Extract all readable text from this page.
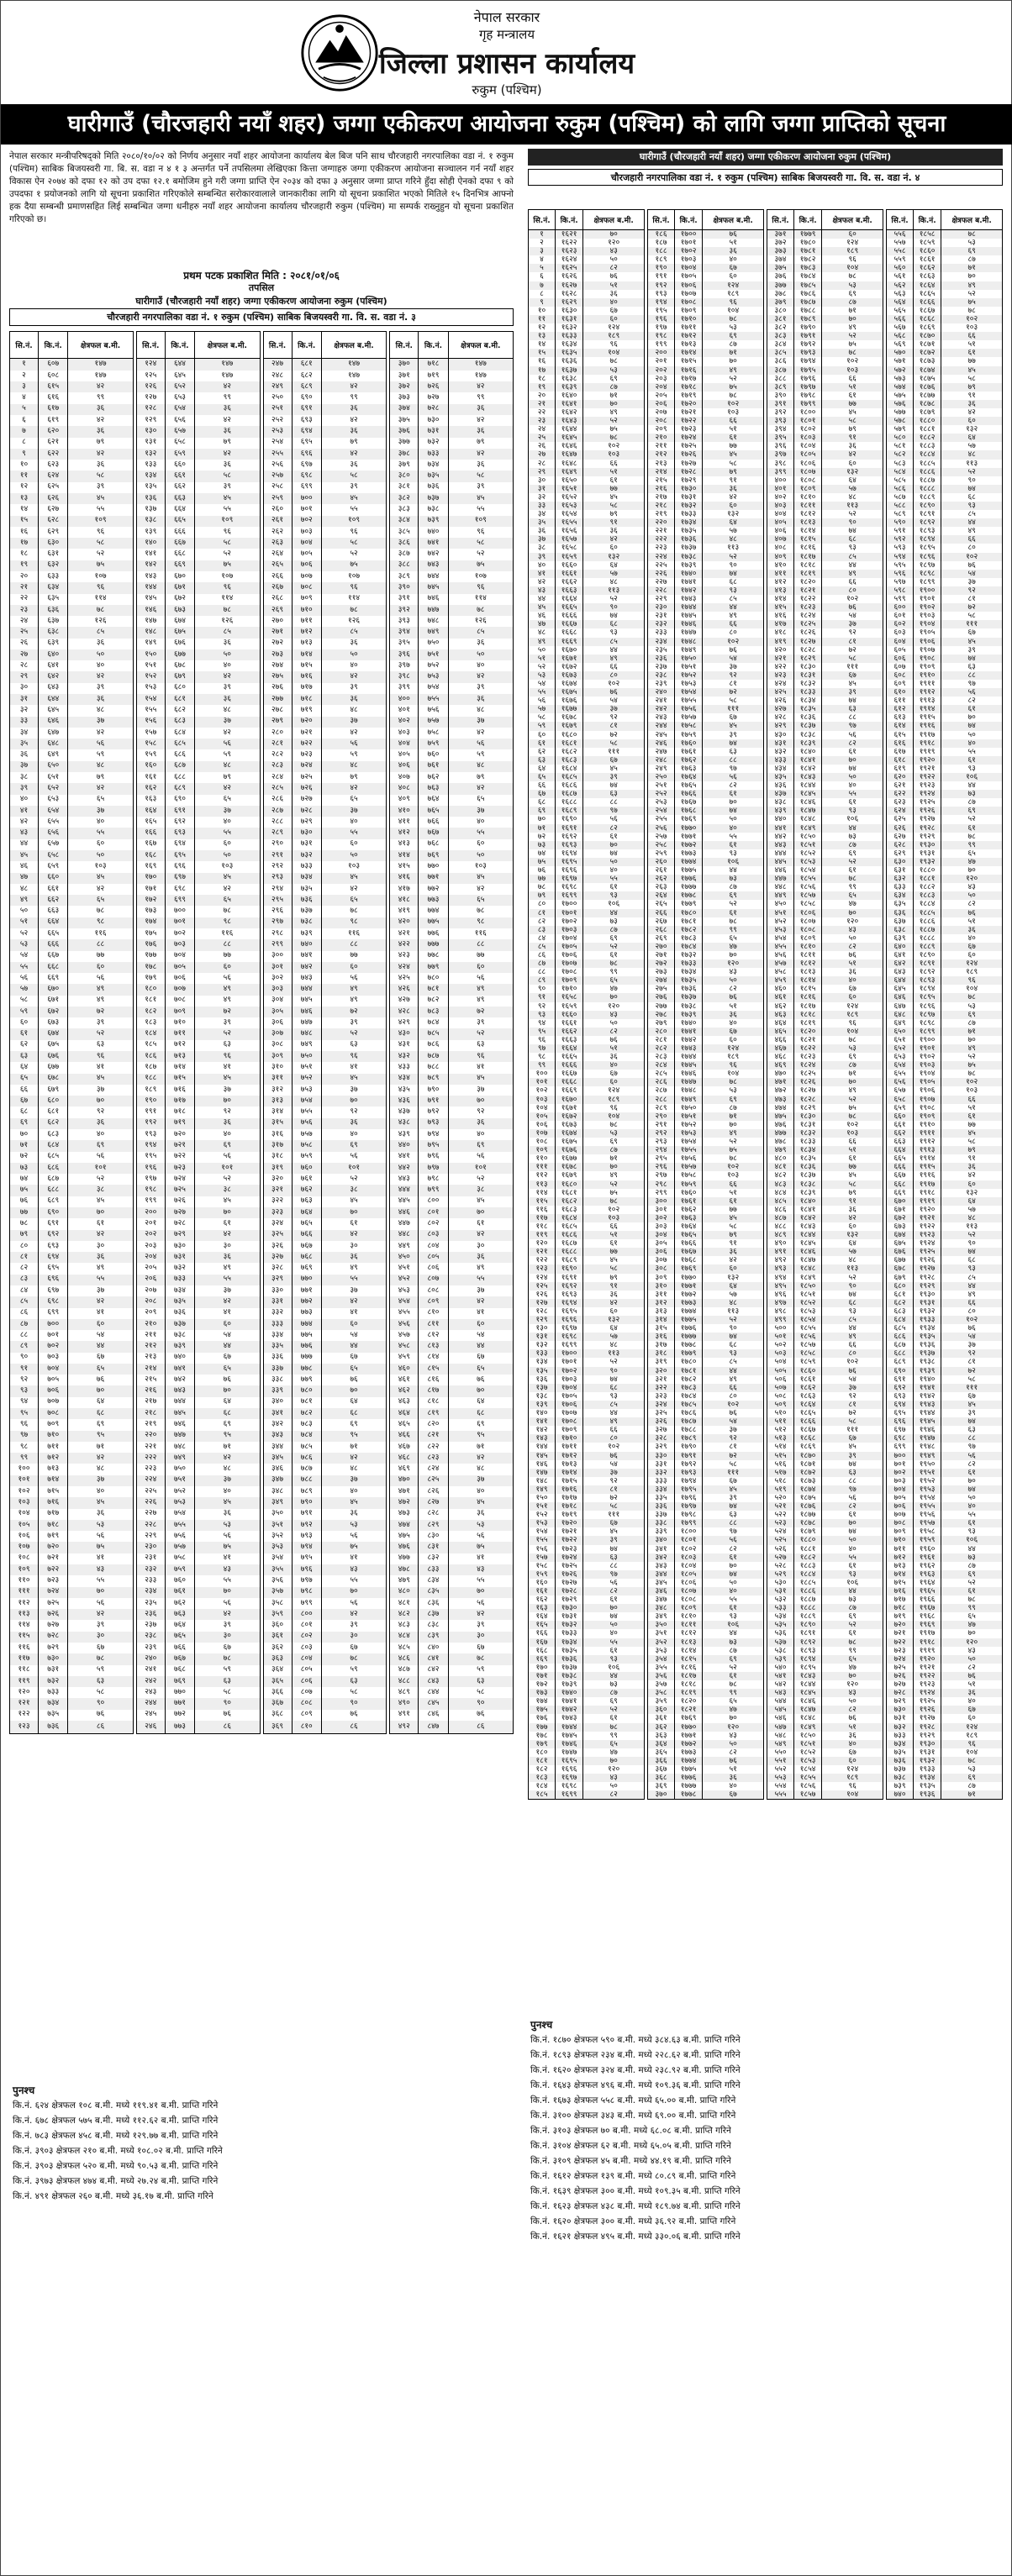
नेपाल सरकार
गृह मन्त्रालय
जिल्ला प्रशासन कार्यालय
रुकुम (पश्चिम)
घारीगाउँ (चौरजहारी नयाँ शहर) जग्गा एकीकरण आयोजना रुकुम (पश्चिम) को लागि जग्गा प्राप्तिको सूचना
नेपाल सरकार मन्त्रीपरिषद्को मिति २०८०/१०/०२ को निर्णय अनुसार नयाँ शहर आयोजना कार्यालय बेल बिज पनि साथ चौरजहारी नगरपालिका वडा नं. १ रुकुम (पश्चिम) साबिक बिजयस्वरी गा. बि. स. वडा न ४ १ ३ अन्तर्गत पर्ने तपसिलमा लेखिएका कित्ता जग्गाहरु जग्गा एकीकरण आयोजना सञ्चालन गर्न नयाँ शहर विकास ऐन २०७४ को दफा १२ को उप दफा १२.१ बमोजिम हुने गरी जग्गा प्राप्ति ऐन २०३४ को दफा ३ अनुसार जग्गा प्राप्त गरिने हुँदा सोही ऐनको दफा ९ को उपदफा १ प्रयोजनको लागि यो सूचना प्रकाशित गरिएकोले सम्बन्धित सरोकारवालाले जानकारीका लागि यो सूचना प्रकाशित भएको मितिले १५ दिनभित्र आफ्नो हक दैया सम्बन्धी प्रमाणसहित लिई सम्बन्धित जग्गा धनीहरु नयाँ शहर आयोजना कार्यालय चौरजहारी रुकुम (पश्चिम) मा सम्पर्क राख्नुहुन यो सूचना प्रकाशित गरिएको छ।
प्रथम पटक प्रकाशित मिति : २०८१/०१/०६
तपसिल
घारीगाउँ (चौरजहारी नयाँ शहर) जग्गा एकीकरण आयोजना रुकुम (पश्चिम)
चौरजहारी नगरपालिका वडा नं. १ रुकुम (पश्चिम) साबिक बिजयस्वरी गा. वि. स. वडा नं. ३
सि.नं.	कि.नं.	क्षेत्रफल ब.मी.
१	६०७	१४७
२	६०८	१४७
३	६१५	४२
४	६१६	९९
५	६१७	३६
६	६१९	४२
७	६२०	३६
८	६२१	७९
९	६२२	४२
१०	६२३	३६
११	६२४	५८
१२	६२५	३९
१३	६२६	४५
१४	६२७	५५
१५	६२८	१०९
१६	६२९	९६
१७	६३०	५८
१८	६३१	५२
१९	६३२	७५
२०	६३३	१०७
२१	६३४	९६
२२	६३५	११४
२३	६३६	७८
२४	६३७	१२६
२५	६३८	८५
२६	६३९	३६
२७	६४०	५०
२८	६४१	४०
२९	६४२	४२
३०	६४३	३९
३१	६४४	३६
३२	६४५	४८
३३	६४६	३७
३४	६४७	४२
३५	६४८	५६
३६	६४९	५९
३७	६५०	४८
३८	६५१	७९
३९	६५२	४२
४०	६५३	६५
४१	६५४	३७
४२	६५५	४०
४३	६५६	५५
४४	६५७	६०
४५	६५८	५०
४६	६५९	१०३
४७	६६०	४५
४८	६६१	४२
४९	६६२	६५
५०	६६३	७८
५१	६६४	९८
५२	६६५	११६
५३	६६६	८८
५४	६६७	७७
५५	६६८	६०
५६	६६९	५६
५७	६७०	४९
५८	६७१	४९
५९	६७२	७२
६०	६७३	३९
६१	६७४	५२
६२	६७५	६३
६३	६७६	९६
६४	६७७	४१
६५	६७८	४५
६६	६७९	३७
६७	६८०	७०
६८	६८१	९२
६९	६८२	३६
७०	६८३	४०
७१	६८४	६९
७२	६८५	५६
७३	६८६	१०१
७४	६८७	५२
७५	६८८	३८
७६	६८९	४५
७७	६९०	७०
७८	६९१	६१
७९	६९२	४२
८०	६९३	३०
८१	६९४	३६
८२	६९५	४९
८३	६९६	५५
८४	६९७	३७
८५	६९८	४२
८६	६९९	४१
८७	७००	६०
८८	७०१	५४
८९	७०२	४४
९०	७०३	६७
९१	७०४	६५
९२	७०५	७६
९३	७०६	७०
९४	७०७	६४
९५	७०८	६८
९६	७०९	६९
९७	७१०	९५
९८	७११	७१
९९	७१२	४२
१००	७१३	४८
१०१	७१४	३७
१०२	७१५	४०
१०३	७१६	४५
१०४	७१७	३६
१०५	७१८	५३
१०६	७१९	५६
१०७	७२०	७५
१०८	७२१	४१
१०९	७२२	४३
११०	७२३	५५
१११	७२४	७०
११२	७२५	५६
११३	७२६	४२
११४	७२७	३९
११५	७२८	३०
११६	७२९	६७
११७	७३०	७८
११८	७३१	५९
११९	७३२	६३
१२०	७३३	५८
१२१	७३४	९०
१२२	७३५	७६
१२३	७३६	८६
सि.नं.	कि.नं.	क्षेत्रफल ब.मी.
१२४	६४४	१४७
१२५	६४५	१४७
१२६	६५२	४२
१२७	६५३	९९
१२८	६५४	३६
१२९	६५६	४२
१३०	६५७	३६
१३१	६५८	७९
१३२	६५९	४२
१३३	६६०	३६
१३४	६६१	५८
१३५	६६२	३९
१३६	६६३	४५
१३७	६६४	५५
१३८	६६५	१०९
१३९	६६६	९६
१४०	६६७	५८
१४१	६६८	५२
१४२	६६९	७५
१४३	६७०	१०७
१४४	६७१	९६
१४५	६७२	११४
१४६	६७३	७८
१४७	६७४	१२६
१४८	६७५	८५
१४९	६७६	३६
१५०	६७७	५०
१५१	६७८	४०
१५२	६७९	४२
१५३	६८०	३९
१५४	६८१	३६
१५५	६८२	४८
१५६	६८३	३७
१५७	६८४	४२
१५८	६८५	५६
१५९	६८६	५९
१६०	६८७	४८
१६१	६८८	७९
१६२	६८९	४२
१६३	६९०	६५
१६४	६९१	३७
१६५	६९२	४०
१६६	६९३	५५
१६७	६९४	६०
१६८	६९५	५०
१६९	६९६	१०३
१७०	६९७	४५
१७१	६९८	४२
१७२	६९९	६५
१७३	७००	७८
१७४	७०१	९८
१७५	७०२	११६
१७६	७०३	८८
१७७	७०४	७७
१७८	७०५	६०
१७९	७०६	५६
१८०	७०७	४९
१८१	७०८	४९
१८२	७०९	७२
१८३	७१०	३९
१८४	७११	५२
१८५	७१२	६३
१८६	७१३	९६
१८७	७१४	४१
१८८	७१५	४५
१८९	७१६	३७
१९०	७१७	७०
१९१	७१८	९२
१९२	७१९	३६
१९३	७२०	४०
१९४	७२१	६९
१९५	७२२	५६
१९६	७२३	१०१
१९७	७२४	५२
१९८	७२५	३८
१९९	७२६	४५
२००	७२७	७०
२०१	७२८	६१
२०२	७२९	४२
२०३	७३०	३०
२०४	७३१	३६
२०५	७३२	४९
२०६	७३३	५५
२०७	७३४	३७
२०८	७३५	४२
२०९	७३६	४१
२१०	७३७	६०
२११	७३८	५४
२१२	७३९	४४
२१३	७४०	६७
२१४	७४१	६५
२१५	७४२	७६
२१६	७४३	७०
२१७	७४४	६४
२१८	७४५	६८
२१९	७४६	६९
२२०	७४७	९५
२२१	७४८	७१
२२२	७४९	४२
२२३	७५०	४८
२२४	७५१	३७
२२५	७५२	४०
२२६	७५३	४५
२२७	७५४	३६
२२८	७५५	५३
२२९	७५६	५६
२३०	७५७	७५
२३१	७५८	४१
२३२	७५९	४३
२३३	७६०	५५
२३४	७६१	७०
२३५	७६२	५६
२३६	७६३	४२
२३७	७६४	३९
२३८	७६५	३०
२३९	७६६	६७
२४०	७६७	७८
२४१	७६८	५९
२४२	७६९	६३
२४३	७७०	५८
२४४	७७१	९०
२४५	७७२	७६
२४६	७७३	८६
सि.नं.	कि.नं.	क्षेत्रफल ब.मी.
२४७	६८१	१४७
२४८	६८२	१४७
२४९	६८९	४२
२५०	६९०	९९
२५१	६९१	३६
२५२	६९३	४२
२५३	६९४	३६
२५४	६९५	७९
२५५	६९६	४२
२५६	६९७	३६
२५७	६९८	५८
२५८	६९९	३९
२५९	७००	४५
२६०	७०१	५५
२६१	७०२	१०९
२६२	७०३	९६
२६३	७०४	५८
२६४	७०५	५२
२६५	७०६	७५
२६६	७०७	१०७
२६७	७०८	९६
२६८	७०९	११४
२६९	७१०	७८
२७०	७११	१२६
२७१	७१२	८५
२७२	७१३	३६
२७३	७१४	५०
२७४	७१५	४०
२७५	७१६	४२
२७६	७१७	३९
२७७	७१८	३६
२७८	७१९	४८
२७९	७२०	३७
२८०	७२१	४२
२८१	७२२	५६
२८२	७२३	५९
२८३	७२४	४८
२८४	७२५	७९
२८५	७२६	४२
२८६	७२७	६५
२८७	७२८	३७
२८८	७२९	४०
२८९	७३०	५५
२९०	७३१	६०
२९१	७३२	५०
२९२	७३३	१०३
२९३	७३४	४५
२९४	७३५	४२
२९५	७३६	६५
२९६	७३७	७८
२९७	७३८	९८
२९८	७३९	११६
२९९	७४०	८८
३००	७४१	७७
३०१	७४२	६०
३०२	७४३	५६
३०३	७४४	४९
३०४	७४५	४९
३०५	७४६	७२
३०६	७४७	३९
३०७	७४८	५२
३०८	७४९	६३
३०९	७५०	९६
३१०	७५१	४१
३११	७५२	४५
३१२	७५३	३७
३१३	७५४	७०
३१४	७५५	९२
३१५	७५६	३६
३१६	७५७	४०
३१७	७५८	६९
३१८	७५९	५६
३१९	७६०	१०१
३२०	७६१	५२
३२१	७६२	३८
३२२	७६३	४५
३२३	७६४	७०
३२४	७६५	६१
३२५	७६६	४२
३२६	७६७	३०
३२७	७६८	३६
३२८	७६९	४९
३२९	७७०	५५
३३०	७७१	३७
३३१	७७२	४२
३३२	७७३	४१
३३३	७७४	६०
३३४	७७५	५४
३३५	७७६	४४
३३६	७७७	६७
३३७	७७८	६५
३३८	७७९	७६
३३९	७८०	७०
३४०	७८१	६४
३४१	७८२	६८
३४२	७८३	६९
३४३	७८४	९५
३४४	७८५	७१
३४५	७८६	४२
३४६	७८७	४८
३४७	७८८	३७
३४८	७८९	४०
३४९	७९०	४५
३५०	७९१	३६
३५१	७९२	५३
३५२	७९३	५६
३५३	७९४	७५
३५४	७९५	४१
३५५	७९६	४३
३५६	७९७	५५
३५७	७९८	७०
३५८	७९९	५६
३५९	८००	४२
३६०	८०१	३९
३६१	८०२	३०
३६२	८०३	६७
३६३	८०४	७८
३६४	८०५	५९
३६५	८०६	६३
३६६	८०७	५८
३६७	८०८	९०
३६८	८०९	७६
३६९	८१०	८६
सि.नं.	कि.नं.	क्षेत्रफल ब.मी.
३७०	७१८	१४७
३७१	७१९	१४७
३७२	७२६	४२
३७३	७२७	९९
३७४	७२८	३६
३७५	७३०	४२
३७६	७३१	३६
३७७	७३२	७९
३७८	७३३	४२
३७९	७३४	३६
३८०	७३५	५८
३८१	७३६	३९
३८२	७३७	४५
३८३	७३८	५५
३८४	७३९	१०९
३८५	७४०	९६
३८६	७४१	५८
३८७	७४२	५२
३८८	७४३	७५
३८९	७४४	१०७
३९०	७४५	९६
३९१	७४६	११४
३९२	७४७	७८
३९३	७४८	१२६
३९४	७४९	८५
३९५	७५०	३६
३९६	७५१	५०
३९७	७५२	४०
३९८	७५३	४२
३९९	७५४	३९
४००	७५५	३६
४०१	७५६	४८
४०२	७५७	३७
४०३	७५८	४२
४०४	७५९	५६
४०५	७६०	५९
४०६	७६१	४८
४०७	७६२	७९
४०८	७६३	४२
४०९	७६४	६५
४१०	७६५	३७
४११	७६६	४०
४१२	७६७	५५
४१३	७६८	६०
४१४	७६९	५०
४१५	७७०	१०३
४१६	७७१	४५
४१७	७७२	४२
४१८	७७३	६५
४१९	७७४	७८
४२०	७७५	९८
४२१	७७६	११६
४२२	७७७	८८
४२३	७७८	७७
४२४	७७९	६०
४२५	७८०	५६
४२६	७८१	४९
४२७	७८२	४९
४२८	७८३	७२
४२९	७८४	३९
४३०	७८५	५२
४३१	७८६	६३
४३२	७८७	९६
४३३	७८८	४१
४३४	७८९	४५
४३५	७९०	३७
४३६	७९१	७०
४३७	७९२	९२
४३८	७९३	३६
४३९	७९४	४०
४४०	७९५	६९
४४१	७९६	५६
४४२	७९७	१०१
४४३	७९८	५२
४४४	७९९	३८
४४५	८००	४५
४४६	८०१	७०
४४७	८०२	६१
४४८	८०३	४२
४४९	८०४	३०
४५०	८०५	३६
४५१	८०६	४९
४५२	८०७	५५
४५३	८०८	३७
४५४	८०९	४२
४५५	८१०	४१
४५६	८११	६०
४५७	८१२	५४
४५८	८१३	४४
४५९	८१४	६७
४६०	८१५	६५
४६१	८१६	७६
४६२	८१७	७०
४६३	८१८	६४
४६४	८१९	६८
४६५	८२०	६९
४६६	८२१	९५
४६७	८२२	७१
४६८	८२३	४२
४६९	८२४	४८
४७०	८२५	३७
४७१	८२६	४०
४७२	८२७	४५
४७३	८२८	३६
४७४	८२९	५३
४७५	८३०	५६
४७६	८३१	७५
४७७	८३२	४१
४७८	८३३	४३
४७९	८३४	५५
४८०	८३५	७०
४८१	८३६	५६
४८२	८३७	४२
४८३	८३८	३९
४८४	८३९	३०
४८५	८४०	६७
४८६	८४१	७८
४८७	८४२	५९
४८८	८४३	६३
४८९	८४४	५८
४९०	८४५	९०
४९१	८४६	७६
४९२	८४७	८६
घारीगाउँ (चौरजहारी नयाँ शहर) जग्गा एकीकरण आयोजना रुकुम (पश्चिम)
चौरजहारी नगरपालिका वडा नं. १ रुकुम (पश्चिम) साबिक बिजयस्वरी गा. वि. स. वडा नं. ४
सि.नं.	कि.नं.	क्षेत्रफल ब.मी.
१	१६२१	७०
२	१६२२	१२०
३	१६२३	४३
४	१६२४	५०
५	१६२५	८२
६	१६२६	७६
७	१६२७	५१
८	१६२८	३६
९	१६२९	४०
१०	१६३०	६७
११	१६३१	६०
१२	१६३२	१२४
१३	१६३३	१८९
१४	१६३४	९६
१५	१६३५	१०४
१६	१६३६	७८
१७	१६३७	५३
१८	१६३८	६९
१९	१६३९	८७
२०	१६४०	७१
२१	१६४१	७०
२२	१६४२	४९
२३	१६४३	५२
२४	१६४४	७५
२५	१६४५	७८
२६	१६४६	१०२
२७	१६४७	१०३
२८	१६४८	६६
२९	१६४९	५१
३०	१६५०	६१
३१	१६५१	७७
३२	१६५२	४५
३३	१६५३	५८
३४	१६५४	७९
३५	१६५५	९१
३६	१६५६	३६
३७	१६५७	४२
३८	१६५८	६०
३९	१६५९	१३२
४०	१६६०	६४
४१	१६६१	५७
४२	१६६२	४८
४३	१६६३	११३
४४	१६६४	५२
४५	१६६५	९०
४६	१६६६	७४
४७	१६६७	६८
४८	१६६८	९३
४९	१६६९	८५
५०	१६७०	४४
५१	१६७१	४९
५२	१६७२	६६
५३	१६७३	८०
५४	१६७४	१०२
५५	१६७५	७६
५६	१६७६	५४
५७	१६७७	३७
५८	१६७८	९२
५९	१६७९	८१
६०	१६८०	७२
६१	१६८१	५८
६२	१६८२	१११
६३	१६८३	६७
६४	१६८४	४५
६५	१६८५	३९
६६	१६८६	७४
६७	१६८७	६३
६८	१६८८	८८
६९	१६८९	९७
७०	१६९०	५६
७१	१६९१	८२
७२	१६९२	६१
७३	१६९३	७०
७४	१६९४	७४
७५	१६९५	५०
७६	१६९६	४०
७७	१६९७	५५
७८	१६९८	६१
७९	१६९९	९३
८०	१७००	१०६
८१	१७०१	४४
८२	१७०२	७३
८३	१७०३	८७
८४	१७०४	६९
८५	१७०५	५२
८६	१७०६	६१
८७	१७०७	७८
८८	१७०८	९९
८९	१७०९	६५
९०	१७१०	४७
९१	१६५८	७०
९२	१६५९	१२०
९३	१६६०	४३
९४	१६६१	५०
९५	१६६२	८२
९६	१६६३	७६
९७	१६६४	५१
९८	१६६५	३६
९९	१६६६	४०
१००	१६६७	६७
१०१	१६६८	६०
१०२	१६६९	१२४
१०३	१६७०	१८९
१०४	१६७१	९६
१०५	१६७२	१०४
१०६	१६७३	७८
१०७	१६७४	५३
१०८	१६७५	६९
१०९	१६७६	८७
११०	१६७७	७१
१११	१६७८	७०
११२	१६७९	४९
११३	१६८०	५२
११४	१६८१	७५
११५	१६८२	७८
११६	१६८३	१०२
११७	१६८४	१०३
११८	१६८५	६६
११९	१६८६	५१
१२०	१६८७	६१
१२१	१६८८	७७
१२२	१६८९	४५
१२३	१६९०	५८
१२४	१६९१	७९
१२५	१६९२	९१
१२६	१६९३	३६
१२७	१६९४	४२
१२८	१६९५	६०
१२९	१६९६	१३२
१३०	१६९७	६४
१३१	१६९८	५७
१३२	१६९९	४८
१३३	१७००	११३
१३४	१७०१	५२
१३५	१७०२	९०
१३६	१७०३	७४
१३७	१७०४	६८
१३८	१७०५	९३
१३९	१७०६	८५
१४०	१७०७	४४
१४१	१७०८	४९
१४२	१७०९	६६
१४३	१७१०	८०
१४४	१७११	१०२
१४५	१७१२	७६
१४६	१७१३	५४
१४७	१७१४	३७
१४८	१७१५	९२
१४९	१७१६	८१
१५०	१७१७	७२
१५१	१७१८	५८
१५२	१७१९	१११
१५३	१७२०	६७
१५४	१७२१	४५
१५५	१७२२	३९
१५६	१७२३	७४
१५७	१७२४	६३
१५८	१७२५	८८
१५९	१७२६	९७
१६०	१७२७	५६
१६१	१७२८	८२
१६२	१७२९	६१
१६३	१७३०	७०
१६४	१७३१	७४
१६५	१७३२	५०
१६६	१७३३	४०
१६७	१७३४	५५
१६८	१७३५	६१
१६९	१७३६	९३
१७०	१७३७	१०६
१७१	१७३८	४४
१७२	१७३९	७३
१७३	१७४०	८७
१७४	१७४१	६९
१७५	१७४२	५२
१७६	१७४३	६१
१७७	१७४४	७८
१७८	१७४५	९९
१७९	१७४६	६५
१८०	१७४७	४७
१८१	१६९५	७०
१८२	१६९६	१२०
१८३	१६९७	४३
१८४	१६९८	५०
१८५	१६९९	८२
सि.नं.	कि.नं.	क्षेत्रफल ब.मी.
१८६	१७००	७६
१८७	१७०१	५१
१८८	१७०२	३६
१८९	१७०३	४०
१९०	१७०४	६७
१९१	१७०५	६०
१९२	१७०६	१२४
१९३	१७०७	१८९
१९४	१७०८	९६
१९५	१७०९	१०४
१९६	१७१०	७८
१९७	१७११	५३
१९८	१७१२	६९
१९९	१७१३	८७
२००	१७१४	७१
२०१	१७१५	७०
२०२	१७१६	४९
२०३	१७१७	५२
२०४	१७१८	७५
२०५	१७१९	७८
२०६	१७२०	१०२
२०७	१७२१	१०३
२०८	१७२२	६६
२०९	१७२३	५१
२१०	१७२४	६१
२११	१७२५	७७
२१२	१७२६	४५
२१३	१७२७	५८
२१४	१७२८	७९
२१५	१७२९	९१
२१६	१७३०	३६
२१७	१७३१	४२
२१८	१७३२	६०
२१९	१७३३	१३२
२२०	१७३४	६४
२२१	१७३५	५७
२२२	१७३६	४८
२२३	१७३७	११३
२२४	१७३८	५२
२२५	१७३९	९०
२२६	१७४०	७४
२२७	१७४१	६८
२२८	१७४२	९३
२२९	१७४३	८५
२३०	१७४४	४४
२३१	१७४५	४९
२३२	१७४६	६६
२३३	१७४७	८०
२३४	१७४८	१०२
२३५	१७४९	७६
२३६	१७५०	५४
२३७	१७५१	३७
२३८	१७५२	९२
२३९	१७५३	८१
२४०	१७५४	७२
२४१	१७५५	५८
२४२	१७५६	१११
२४३	१७५७	६७
२४४	१७५८	४५
२४५	१७५९	३९
२४६	१७६०	७४
२४७	१७६१	६३
२४८	१७६२	८८
२४९	१७६३	९७
२५०	१७६४	५६
२५१	१७६५	८२
२५२	१७६६	६१
२५३	१७६७	७०
२५४	१७६८	७४
२५५	१७६९	५०
२५६	१७७०	४०
२५७	१७७१	५५
२५८	१७७२	६१
२५९	१७७३	९३
२६०	१७७४	१०६
२६१	१७७५	४४
२६२	१७७६	७३
२६३	१७७७	८७
२६४	१७७८	६९
२६५	१७७९	५२
२६६	१७८०	६१
२६७	१७८१	७८
२६८	१७८२	९९
२६९	१७८३	६५
२७०	१७८४	४७
२७१	१७३२	७०
२७२	१७३३	१२०
२७३	१७३४	४३
२७४	१७३५	५०
२७५	१७३६	८२
२७६	१७३७	७६
२७७	१७३८	५१
२७८	१७३९	३६
२७९	१७४०	४०
२८०	१७४१	६७
२८१	१७४२	६०
२८२	१७४३	१२४
२८३	१७४४	१८९
२८४	१७४५	९६
२८५	१७४६	१०४
२८६	१७४७	७८
२८७	१७४८	५३
२८८	१७४९	६९
२८९	१७५०	८७
२९०	१७५१	७१
२९१	१७५२	७०
२९२	१७५३	४९
२९३	१७५४	५२
२९४	१७५५	७५
२९५	१७५६	७८
२९६	१७५७	१०२
२९७	१७५८	१०३
२९८	१७५९	६६
२९९	१७६०	५१
३००	१७६१	६१
३०१	१७६२	७७
३०२	१७६३	४५
३०३	१७६४	५८
३०४	१७६५	७९
३०५	१७६६	९१
३०६	१७६७	३६
३०७	१७६८	४२
३०८	१७६९	६०
३०९	१७७०	१३२
३१०	१७७१	६४
३११	१७७२	५७
३१२	१७७३	४८
३१३	१७७४	११३
३१४	१७७५	५२
३१५	१७७६	९०
३१६	१७७७	७४
३१७	१७७८	६८
३१८	१७७९	९३
३१९	१७८०	८५
३२०	१७८१	४४
३२१	१७८२	४९
३२२	१७८३	६६
३२३	१७८४	८०
३२४	१७८५	१०२
३२५	१७८६	७६
३२६	१७८७	५४
३२७	१७८८	३७
३२८	१७८९	९२
३२९	१७९०	८१
३३०	१७९१	७२
३३१	१७९२	५८
३३२	१७९३	१११
३३३	१७९४	६७
३३४	१७९५	४५
३३५	१७९६	३९
३३६	१७९७	७४
३३७	१७९८	६३
३३८	१७९९	८८
३३९	१८००	९७
३४०	१८०१	५६
३४१	१८०२	८२
३४२	१८०३	६१
३४३	१८०४	७०
३४४	१८०५	७४
३४५	१८०६	५०
३४६	१८०७	४०
३४७	१८०८	५५
३४८	१८०९	६१
३४९	१८१०	९३
३५०	१८११	१०६
३५१	१८१२	४४
३५२	१८१३	७३
३५३	१८१४	८७
३५४	१८१५	६९
३५५	१८१६	५२
३५६	१८१७	६१
३५७	१८१८	७८
३५८	१८१९	९९
३५९	१८२०	६५
३६०	१८२१	४७
३६१	१७६९	७०
३६२	१७७०	१२०
३६३	१७७१	४३
३६४	१७७२	५०
३६५	१७७३	८२
३६६	१७७४	७६
३६७	१७७५	५१
३६८	१७७६	३६
३६९	१७७७	४०
३७०	१७७८	६७
सि.नं.	कि.नं.	क्षेत्रफल ब.मी.
३७१	१७७९	६०
३७२	१७८०	१२४
३७३	१७८१	१८९
३७४	१७८२	९६
३७५	१७८३	१०४
३७६	१७८४	७८
३७७	१७८५	५३
३७८	१७८६	६९
३७९	१७८७	८७
३८०	१७८८	७१
३८१	१७८९	७०
३८२	१७९०	४९
३८३	१७९१	५२
३८४	१७९२	७५
३८५	१७९३	७८
३८६	१७९४	१०२
३८७	१७९५	१०३
३८८	१७९६	६६
३८९	१७९७	५१
३९०	१७९८	६१
३९१	१७९९	७७
३९२	१८००	४५
३९३	१८०१	५८
३९४	१८०२	७९
३९५	१८०३	९१
३९६	१८०४	३६
३९७	१८०५	४२
३९८	१८०६	६०
३९९	१८०७	१३२
४००	१८०८	६४
४०१	१८०९	५७
४०२	१८१०	४८
४०३	१८११	११३
४०४	१८१२	५२
४०५	१८१३	९०
४०६	१८१४	७४
४०७	१८१५	६८
४०८	१८१६	९३
४०९	१८१७	८५
४१०	१८१८	४४
४११	१८१९	४९
४१२	१८२०	६६
४१३	१८२१	८०
४१४	१८२२	१०२
४१५	१८२३	७६
४१६	१८२४	५४
४१७	१८२५	३७
४१८	१८२६	९२
४१९	१८२७	८१
४२०	१८२८	७२
४२१	१८२९	५८
४२२	१८३०	१११
४२३	१८३१	६७
४२४	१८३२	४५
४२५	१८३३	३९
४२६	१८३४	७४
४२७	१८३५	६३
४२८	१८३६	८८
४२९	१८३७	९७
४३०	१८३८	५६
४३१	१८३९	८२
४३२	१८४०	६१
४३३	१८४१	७०
४३४	१८४२	७४
४३५	१८४३	५०
४३६	१८४४	४०
४३७	१८४५	५५
४३८	१८४६	६१
४३९	१८४७	९३
४४०	१८४८	१०६
४४१	१८४९	४४
४४२	१८५०	७३
४४३	१८५१	८७
४४४	१८५२	६९
४४५	१८५३	५२
४४६	१८५४	६१
४४७	१८५५	७८
४४८	१८५६	९९
४४९	१८५७	६५
४५०	१८५८	४७
४५१	१८०६	७०
४५२	१८०७	१२०
४५३	१८०८	४३
४५४	१८०९	५०
४५५	१८१०	८२
४५६	१८११	७६
४५७	१८१२	५१
४५८	१८१३	३६
४५९	१८१४	४०
४६०	१८१५	६७
४६१	१८१६	६०
४६२	१८१७	१२४
४६३	१८१८	१८९
४६४	१८१९	९६
४६५	१८२०	१०४
४६६	१८२१	७८
४६७	१८२२	५३
४६८	१८२३	६९
४६९	१८२४	८७
४७०	१८२५	७१
४७१	१८२६	७०
४७२	१८२७	४९
४७३	१८२८	५२
४७४	१८२९	७५
४७५	१८३०	७८
४७६	१८३१	१०२
४७७	१८३२	१०३
४७८	१८३३	६६
४७९	१८३४	५१
४८०	१८३५	६१
४८१	१८३६	७७
४८२	१८३७	४५
४८३	१८३८	५८
४८४	१८३९	७९
४८५	१८४०	९१
४८६	१८४१	३६
४८७	१८४२	४२
४८८	१८४३	६०
४८९	१८४४	१३२
४९०	१८४५	६४
४९१	१८४६	५७
४९२	१८४७	४८
४९३	१८४८	११३
४९४	१८४९	५२
४९५	१८५०	९०
४९६	१८५१	७४
४९७	१८५२	६८
४९८	१८५३	९३
४९९	१८५४	८५
५००	१८५५	४४
५०१	१८५६	४९
५०२	१८५७	६६
५०३	१८५८	८०
५०४	१८५९	१०२
५०५	१८६०	७६
५०६	१८६१	५४
५०७	१८६२	३७
५०८	१८६३	९२
५०९	१८६४	८१
५१०	१८६५	७२
५११	१८६६	५८
५१२	१८६७	१११
५१३	१८६८	६७
५१४	१८६९	४५
५१५	१८७०	३९
५१६	१८७१	७४
५१७	१८७२	६३
५१८	१८७३	८८
५१९	१८७४	९७
५२०	१८७५	५६
५२१	१८७६	८२
५२२	१८७७	६१
५२३	१८७८	७०
५२४	१८७९	७४
५२५	१८८०	५०
५२६	१८८१	४०
५२७	१८८२	५५
५२८	१८८३	६१
५२९	१८८४	९३
५३०	१८८५	१०६
५३१	१८८६	४४
५३२	१८८७	७३
५३३	१८८८	८७
५३४	१८८९	६९
५३५	१८९०	५२
५३६	१८९१	६१
५३७	१८९२	७८
५३८	१८९३	९९
५३९	१८९४	६५
५४०	१८९५	४७
५४१	१८४३	७०
५४२	१८४४	१२०
५४३	१८४५	४३
५४४	१८४६	५०
५४५	१८४७	८२
५४६	१८४८	७६
५४७	१८४९	५१
५४८	१८५०	३६
५४९	१८५१	४०
५५०	१८५२	६७
५५१	१८५३	६०
५५२	१८५४	१२४
५५३	१८५५	१८९
५५४	१८५६	९६
५५५	१८५७	१०४
सि.नं.	कि.नं.	क्षेत्रफल ब.मी.
५५६	१८५८	७८
५५७	१८५९	५३
५५८	१८६०	६९
५५९	१८६१	८७
५६०	१८६२	७१
५६१	१८६३	७०
५६२	१८६४	४९
५६३	१८६५	५२
५६४	१८६६	७५
५६५	१८६७	७८
५६६	१८६८	१०२
५६७	१८६९	१०३
५६८	१८७०	६६
५६९	१८७१	५१
५७०	१८७२	६१
५७१	१८७३	७७
५७२	१८७४	४५
५७३	१८७५	५८
५७४	१८७६	७९
५७५	१८७७	९१
५७६	१८७८	३६
५७७	१८७९	४२
५७८	१८८०	६०
५७९	१८८१	१३२
५८०	१८८२	६४
५८१	१८८३	५७
५८२	१८८४	४८
५८३	१८८५	११३
५८४	१८८६	५२
५८५	१८८७	९०
५८६	१८८८	७४
५८७	१८८९	६८
५८८	१८९०	९३
५८९	१८९१	८५
५९०	१८९२	४४
५९१	१८९३	४९
५९२	१८९४	६६
५९३	१८९५	८०
५९४	१८९६	१०२
५९५	१८९७	७६
५९६	१८९८	५४
५९७	१८९९	३७
५९८	१९००	९२
५९९	१९०१	८१
६००	१९०२	७२
६०१	१९०३	५८
६०२	१९०४	१११
६०३	१९०५	६७
६०४	१९०६	४५
६०५	१९०७	३९
६०६	१९०८	७४
६०७	१९०९	६३
६०८	१९१०	८८
६०९	१९११	९७
६१०	१९१२	५६
६११	१९१३	८२
६१२	१९१४	६१
६१३	१९१५	७०
६१४	१९१६	७४
६१५	१९१७	५०
६१६	१९१८	४०
६१७	१९१९	५५
६१८	१९२०	६१
६१९	१९२१	९३
६२०	१९२२	१०६
६२१	१९२३	४४
६२२	१९२४	७३
६२३	१९२५	८७
६२४	१९२६	६९
६२५	१९२७	५२
६२६	१९२८	६१
६२७	१९२९	७८
६२८	१९३०	९९
६२९	१९३१	६५
६३०	१९३२	४७
६३१	१८८०	७०
६३२	१८८१	१२०
६३३	१८८२	४३
६३४	१८८३	५०
६३५	१८८४	८२
६३६	१८८५	७६
६३७	१८८६	५१
६३८	१८८७	३६
६३९	१८८८	४०
६४०	१८८९	६७
६४१	१८९०	६०
६४२	१८९१	१२४
६४३	१८९२	१८९
६४४	१८९३	९६
६४५	१८९४	१०४
६४६	१८९५	७८
६४७	१८९६	५३
६४८	१८९७	६९
६४९	१८९८	८७
६५०	१८९९	७१
६५१	१९००	७०
६५२	१९०१	४९
६५३	१९०२	५२
६५४	१९०३	७५
६५५	१९०४	७८
६५६	१९०५	१०२
६५७	१९०६	१०३
६५८	१९०७	६६
६५९	१९०८	५१
६६०	१९०९	६१
६६१	१९१०	७७
६६२	१९११	४५
६६३	१९१२	५८
६६४	१९१३	७९
६६५	१९१४	९१
६६६	१९१५	३६
६६७	१९१६	४२
६६८	१९१७	६०
६६९	१९१८	१३२
६७०	१९१९	६४
६७१	१९२०	५७
६७२	१९२१	४८
६७३	१९२२	११३
६७४	१९२३	५२
६७५	१९२४	९०
६७६	१९२५	७४
६७७	१९२६	६८
६७८	१९२७	९३
६७९	१९२८	८५
६८०	१९२९	४४
६८१	१९३०	४९
६८२	१९३१	६६
६८३	१९३२	८०
६८४	१९३३	१०२
६८५	१९३४	७६
६८६	१९३५	५४
६८७	१९३६	३७
६८८	१९३७	९२
६८९	१९३८	८१
६९०	१९३९	७२
६९१	१९४०	५८
६९२	१९४१	१११
६९३	१९४२	६७
६९४	१९४३	४५
६९५	१९४४	३९
६९६	१९४५	७४
६९७	१९४६	६३
६९८	१९४७	८८
६९९	१९४८	९७
७००	१९४९	५६
७०१	१९५०	८२
७०२	१९५१	६१
७०३	१९५२	७०
७०४	१९५३	७४
७०५	१९५४	५०
७०६	१९५५	४०
७०७	१९५६	५५
७०८	१९५७	६१
७०९	१९५८	९३
७१०	१९५९	१०६
७११	१९६०	४४
७१२	१९६१	७३
७१३	१९६२	८७
७१४	१९६३	६९
७१५	१९६४	५२
७१६	१९६५	६१
७१७	१९६६	७८
७१८	१९६७	९९
७१९	१९६८	६५
७२०	१९६९	४७
७२१	१९१७	७०
७२२	१९१८	१२०
७२३	१९१९	४३
७२४	१९२०	५०
७२५	१९२१	८२
७२६	१९२२	७६
७२७	१९२३	५१
७२८	१९२४	३६
७२९	१९२५	४०
७३०	१९२६	६७
७३१	१९२७	६०
७३२	१९२८	१२४
७३३	१९२९	१८९
७३४	१९३०	९६
७३५	१९३१	१०४
७३६	१९३२	७८
७३७	१९३३	५३
७३८	१९३४	६९
७३९	१९३५	८७
७४०	१९३६	७१
पुनश्च
कि.नं. ६२४ क्षेत्रफल १०८ ब.मी. मध्ये ११९.४१ ब.मी. प्राप्ति गरिने
कि.नं. ६७८ क्षेत्रफल ५७५ ब.मी. मध्ये ११२.६२ ब.मी. प्राप्ति गरिने
कि.नं. ७८३ क्षेत्रफल ४५८ ब.मी. मध्ये १२९.७७ ब.मी. प्राप्ति गरिने
कि.नं. ३९०३ क्षेत्रफल २१० ब.मी. मध्ये १०८.०२ ब.मी. प्राप्ति गरिने
कि.नं. ३९०३ क्षेत्रफल ५२० ब.मी. मध्ये ९०.५३ ब.मी. प्राप्ति गरिने
कि.नं. ३९७३ क्षेत्रफल ४७४ ब.मी. मध्ये २७.२४ ब.मी. प्राप्ति गरिने
कि.नं. ४९१ क्षेत्रफल २६० ब.मी. मध्ये ३६.१७ ब.मी. प्राप्ति गरिने
पुनश्च
कि.नं. १८७० क्षेत्रफल ५९० ब.मी. मध्ये ३८४.६३ ब.मी. प्राप्ति गरिने
कि.नं. १८९३ क्षेत्रफल २३४ ब.मी. मध्ये २२८.६२ ब.मी. प्राप्ति गरिने
कि.नं. १६२० क्षेत्रफल ३२४ ब.मी. मध्ये २३८.९२ ब.मी. प्राप्ति गरिने
कि.नं. १६४३ क्षेत्रफल ४९६ ब.मी. मध्ये १०९.३६ ब.मी. प्राप्ति गरिने
कि.नं. १६७३ क्षेत्रफल ५५८ ब.मी. मध्ये ६५.०० ब.मी. प्राप्ति गरिने
कि.नं. ३१०० क्षेत्रफल ३४३ ब.मी. मध्ये ६९.०० ब.मी. प्राप्ति गरिने
कि.नं. ३१०३ क्षेत्रफल ७० ब.मी. मध्ये ६८.०८ ब.मी. प्राप्ति गरिने
कि.नं. ३१०४ क्षेत्रफल ६२ ब.मी. मध्ये ६५.०५ ब.मी. प्राप्ति गरिने
कि.नं. ३१०९ क्षेत्रफल ४५ ब.मी. मध्ये ४४.१९ ब.मी. प्राप्ति गरिने
कि.नं. १६१२ क्षेत्रफल १३९ ब.मी. मध्ये ८०.८९ ब.मी. प्राप्ति गरिने
कि.नं. १६३९ क्षेत्रफल ३०० ब.मी. मध्ये १०९.३५ ब.मी. प्राप्ति गरिने
कि.नं. १६२३ क्षेत्रफल ४३८ ब.मी. मध्ये १८९.७४ ब.मी. प्राप्ति गरिने
कि.नं. १६२० क्षेत्रफल ३०० ब.मी. मध्ये ३६.९२ ब.मी. प्राप्ति गरिने
कि.नं. १६२१ क्षेत्रफल ४९५ ब.मी. मध्ये ३३०.०६ ब.मी. प्राप्ति गरिने
